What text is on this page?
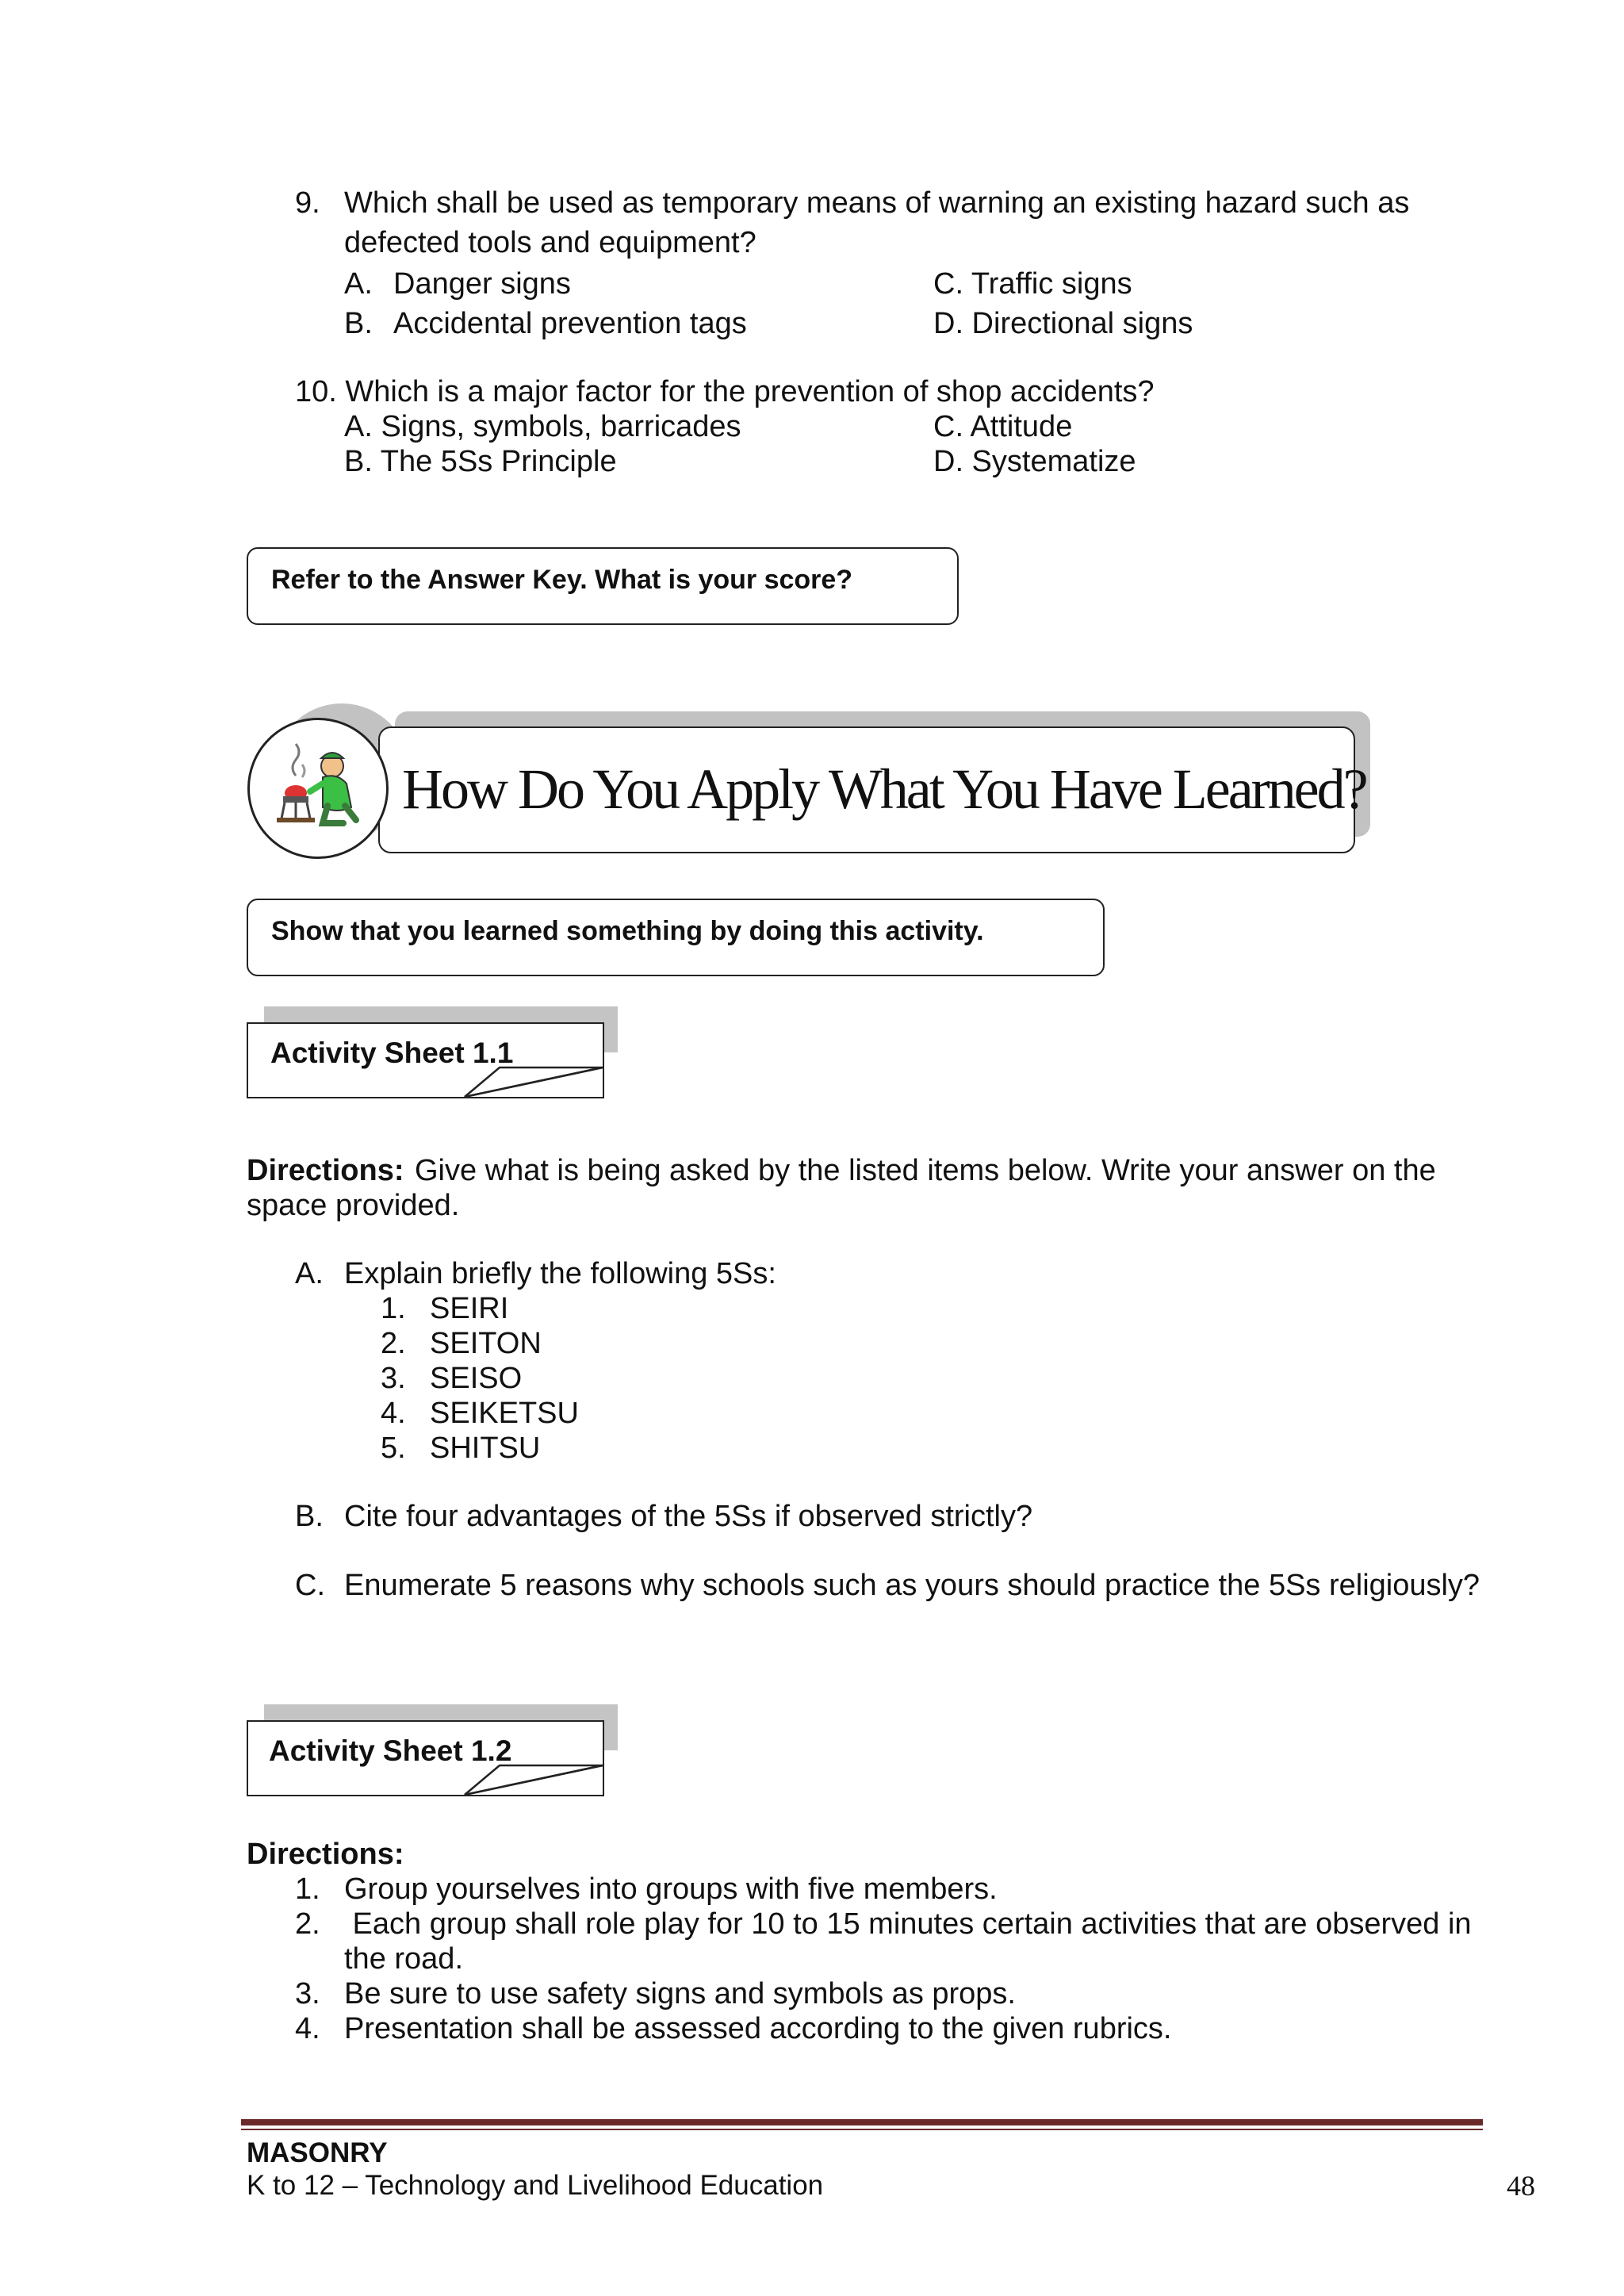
9. Which shall be used as temporary means of warning an existing hazard such as
defected tools and equipment?
A. Danger signs	C. Traffic signs
B. Accidental prevention tags	D. Directional signs
10. Which is a major factor for the prevention of shop accidents?
A. Signs, symbols, barricades	C. Attitude
B. The 5Ss Principle	D. Systematize
Refer to the Answer Key. What is your score?
How Do You Apply What You Have Learned?
Show that you learned something by doing this activity.
Activity Sheet 1.1
Directions: Give what is being asked by the listed items below. Write your answer on the
space provided.
A. Explain briefly the following 5Ss:
1. SEIRI
2. SEITON
3. SEISO
4. SEIKETSU
5. SHITSU
B. Cite four advantages of the 5Ss if observed strictly?
C. Enumerate 5 reasons why schools such as yours should practice the 5Ss religiously?
Activity Sheet 1.2
Directions:
1. Group yourselves into groups with five members.
2. Each group shall role play for 10 to 15 minutes certain activities that are observed in
the road.
3. Be sure to use safety signs and symbols as props.
4. Presentation shall be assessed according to the given rubrics.
MASONRY
K to 12 – Technology and Livelihood Education	48
